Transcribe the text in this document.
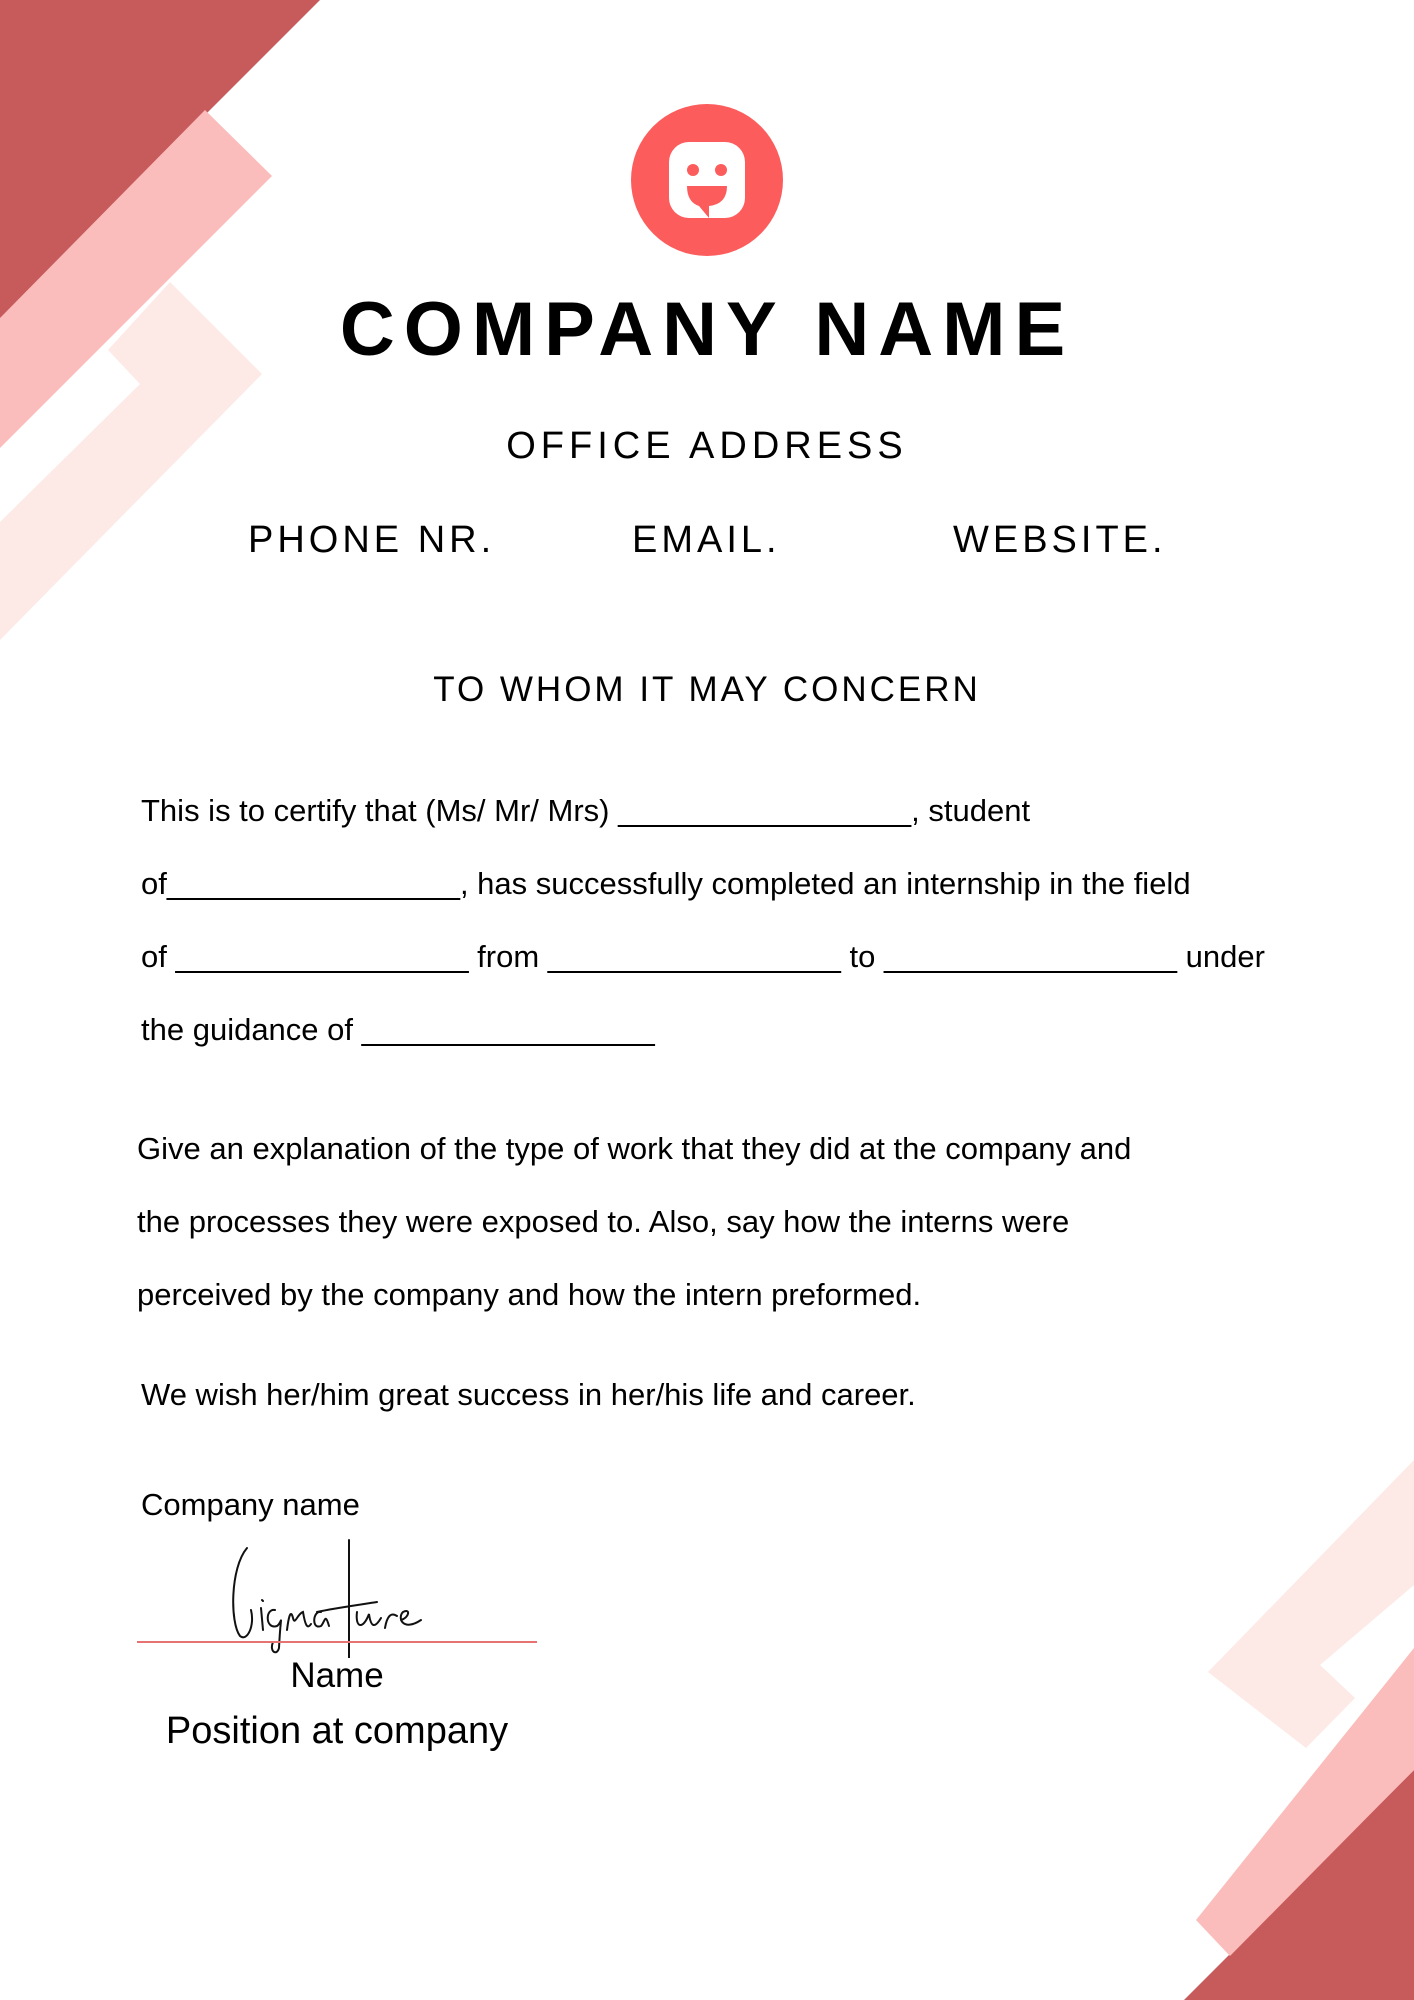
COMPANY NAME
OFFICE ADDRESS
PHONE NR.	EMAIL.	WEBSITE.
TO WHOM IT MAY CONCERN
This is to certify that (Ms/ Mr/ Mrs) _________________, student
of_________________, has successfully completed an internship in the field
of _________________ from _________________ to _________________ under
the guidance of _________________
Give an explanation of the type of work that they did at the company and
the processes they were exposed to. Also, say how the interns were
perceived by the company and how the intern preformed.
We wish her/him great success in her/his life and career.
Company name
Name
Position at company
